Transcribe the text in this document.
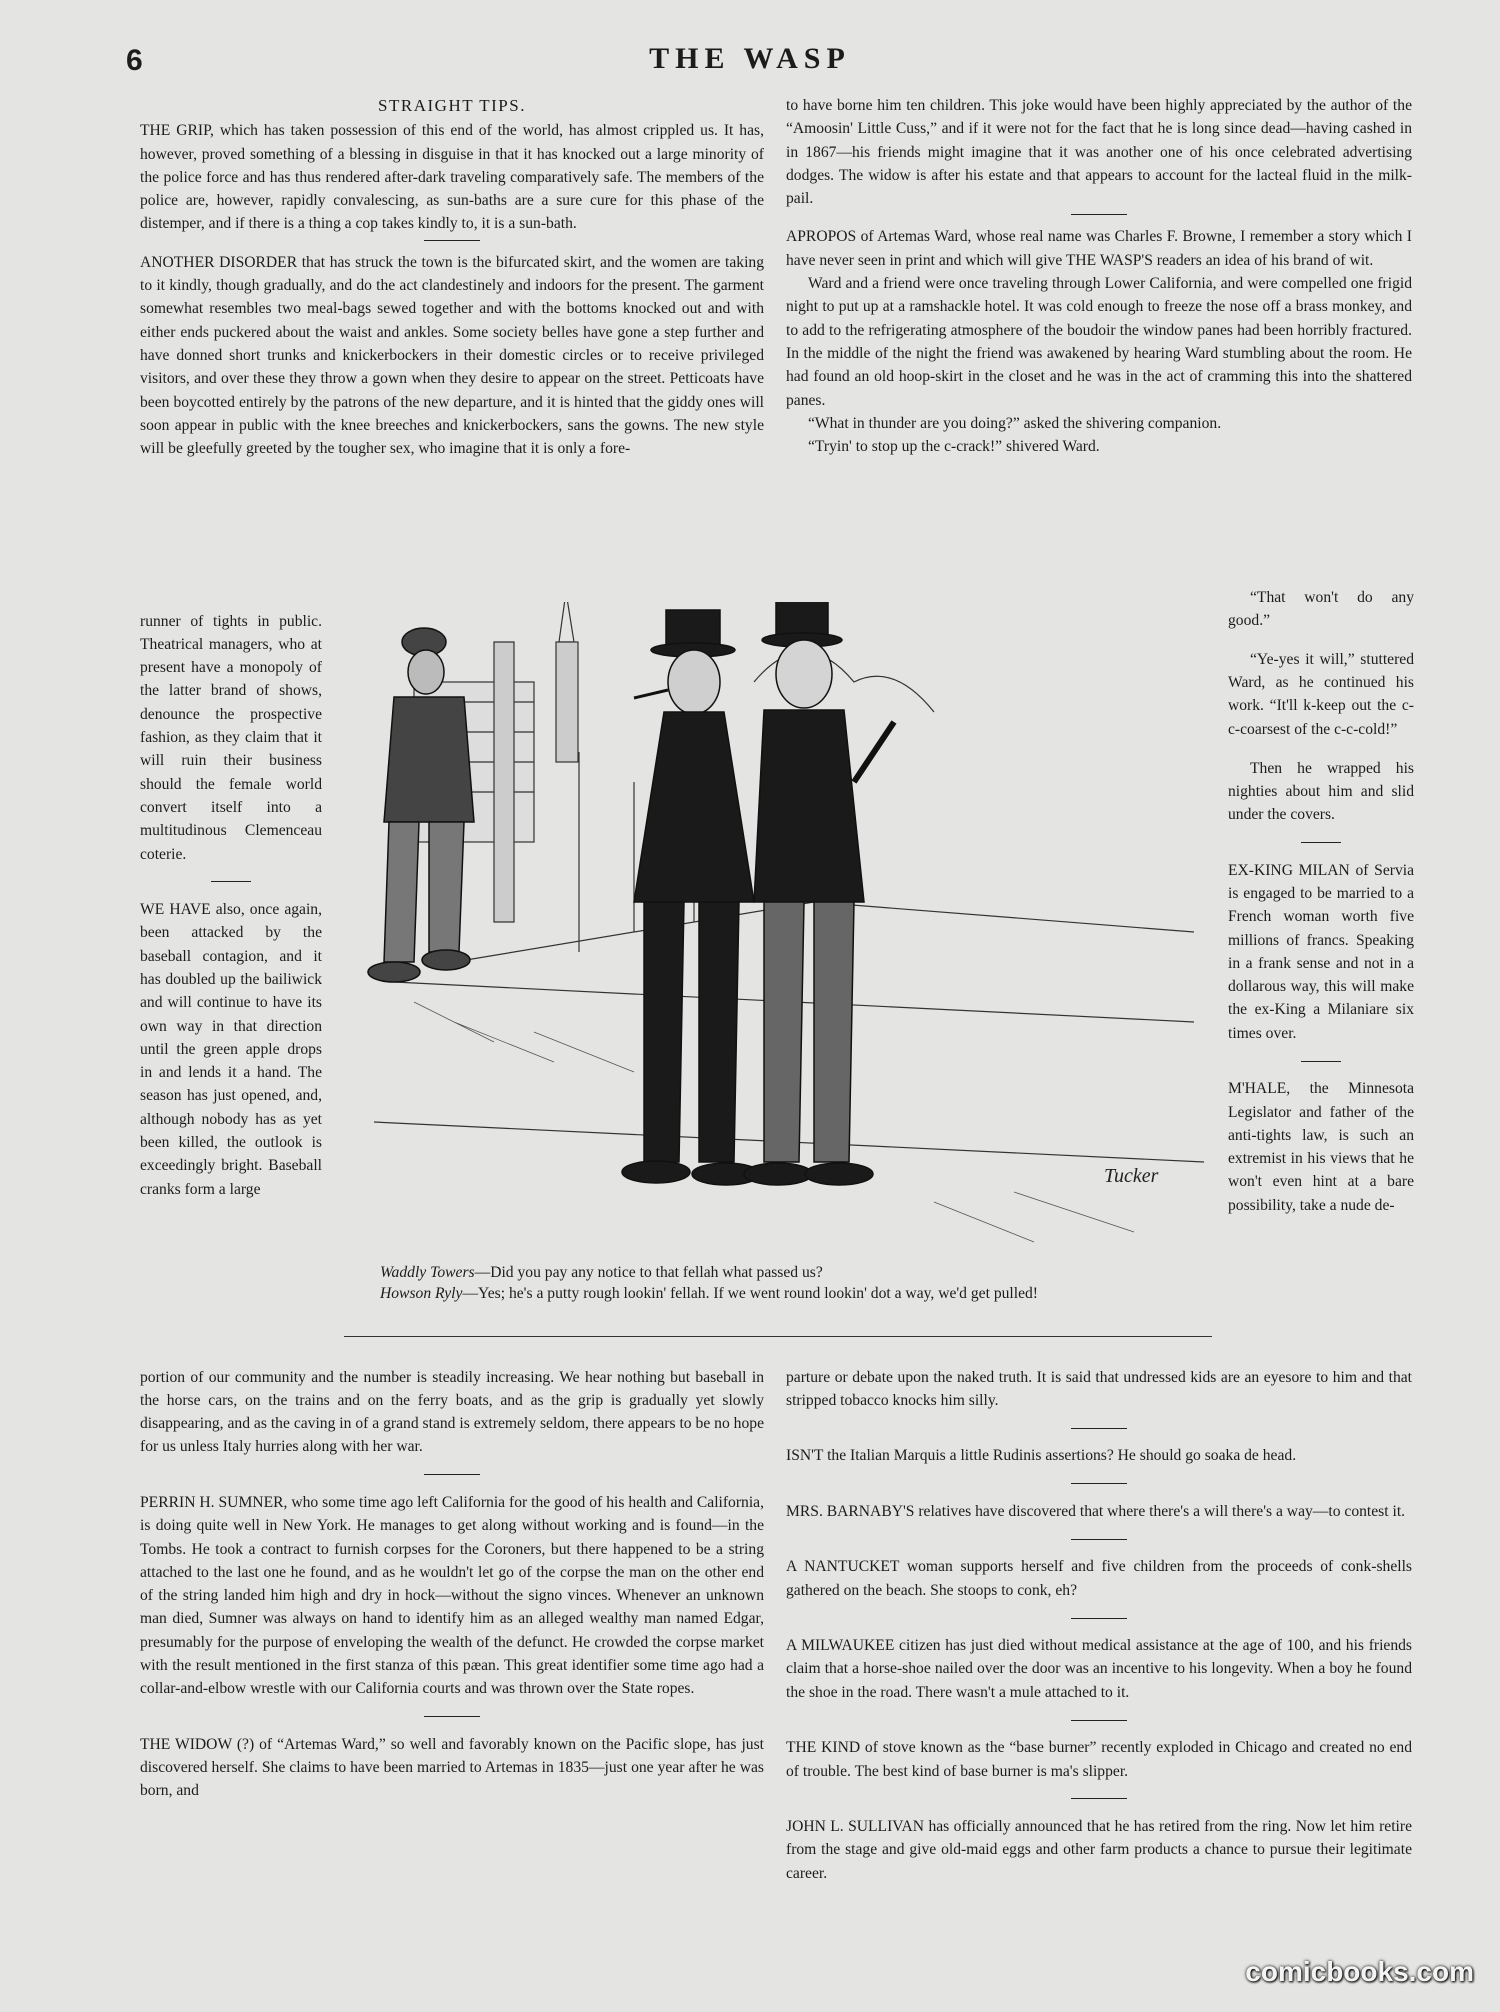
6	THE WASP
STRAIGHT TIPS.

THE GRIP, which has taken possession of this end of the world, has almost crippled us. It has, however, proved something of a blessing in disguise in that it has knocked out a large minority of the police force and has thus rendered after-dark traveling comparatively safe. The members of the police are, however, rapidly convalescing, as sun-baths are a sure cure for this phase of the distemper, and if there is a thing a cop takes kindly to, it is a sun-bath.

ANOTHER DISORDER that has struck the town is the bifurcated skirt, and the women are taking to it kindly, though gradually, and do the act clandestinely and indoors for the present. The garment somewhat resembles two meal-bags sewed together and with the bottoms knocked out and with either ends puckered about the waist and ankles. Some society belles have gone a step further and have donned short trunks and knickerbockers in their domestic circles or to receive privileged visitors, and over these they throw a gown when they desire to appear on the street. Petticoats have been boycotted entirely by the patrons of the new departure, and it is hinted that the giddy ones will soon appear in public with the knee breeches and knickerbockers, sans the gowns. The new style will be gleefully greeted by the tougher sex, who imagine that it is only a fore-

runner of tights in public. Theatrical managers, who at present have a monopoly of the latter brand of shows, denounce the prospective fashion, as they claim that it will ruin their business should the female world convert itself into a multitudinous Clemenceau coterie.

WE HAVE also, once again, been attacked by the baseball contagion, and it has doubled up the bailiwick and will continue to have its own way in that direction until the green apple drops in and lends it a hand. The season has just opened, and, although nobody has as yet been killed, the outlook is exceedingly bright. Baseball cranks form a large

to have borne him ten children. This joke would have been highly appreciated by the author of the “Amoosin' Little Cuss,” and if it were not for the fact that he is long since dead—having cashed in in 1867—his friends might imagine that it was another one of his once celebrated advertising dodges. The widow is after his estate and that appears to account for the lacteal fluid in the milk-pail.

APROPOS of Artemas Ward, whose real name was Charles F. Browne, I remember a story which I have never seen in print and which will give THE WASP'S readers an idea of his brand of wit.

Ward and a friend were once traveling through Lower California, and were compelled one frigid night to put up at a ramshackle hotel. It was cold enough to freeze the nose off a brass monkey, and to add to the refrigerating atmosphere of the boudoir the window panes had been horribly fractured. In the middle of the night the friend was awakened by hearing Ward stumbling about the room. He had found an old hoop-skirt in the closet and he was in the act of cramming this into the shattered panes.

“What in thunder are you doing?” asked the shivering companion.

“Tryin' to stop up the c-crack!” shivered Ward.

“That won't do any good.”

“Ye-yes it will,” stuttered Ward, as he continued his work. “It'll k-keep out the c-c-coarsest of the c-c-cold!”

Then he wrapped his nighties about him and slid under the covers.

EX-KING MILAN of Servia is engaged to be married to a French woman worth five millions of francs. Speaking in a frank sense and not in a dollarous way, this will make the ex-King a Milaniare six times over.

M'HALE, the Minnesota Legislator and father of the anti-tights law, is such an extremist in his views that he won't even hint at a bare possibility, take a nude de-

Tucker
Waddly Towers—Did you pay any notice to that fellah what passed us?
Howson Ryly—Yes; he's a putty rough lookin' fellah. If we went round lookin' dot a way, we'd get pulled!

portion of our community and the number is steadily increasing. We hear nothing but baseball in the horse cars, on the trains and on the ferry boats, and as the grip is gradually yet slowly disappearing, and as the caving in of a grand stand is extremely seldom, there appears to be no hope for us unless Italy hurries along with her war.

PERRIN H. SUMNER, who some time ago left California for the good of his health and California, is doing quite well in New York. He manages to get along without working and is found—in the Tombs. He took a contract to furnish corpses for the Coroners, but there happened to be a string attached to the last one he found, and as he wouldn't let go of the corpse the man on the other end of the string landed him high and dry in hock—without the signo vinces. Whenever an unknown man died, Sumner was always on hand to identify him as an alleged wealthy man named Edgar, presumably for the purpose of enveloping the wealth of the defunct. He crowded the corpse market with the result mentioned in the first stanza of this pæan. This great identifier some time ago had a collar-and-elbow wrestle with our California courts and was thrown over the State ropes.

THE WIDOW (?) of “Artemas Ward,” so well and favorably known on the Pacific slope, has just discovered herself. She claims to have been married to Artemas in 1835—just one year after he was born, and

parture or debate upon the naked truth. It is said that undressed kids are an eyesore to him and that stripped tobacco knocks him silly.

ISN'T the Italian Marquis a little Rudinis assertions? He should go soaka de head.

MRS. BARNABY'S relatives have discovered that where there's a will there's a way—to contest it.

A NANTUCKET woman supports herself and five children from the proceeds of conk-shells gathered on the beach. She stoops to conk, eh?

A MILWAUKEE citizen has just died without medical assistance at the age of 100, and his friends claim that a horse-shoe nailed over the door was an incentive to his longevity. When a boy he found the shoe in the road. There wasn't a mule attached to it.

THE KIND of stove known as the “base burner” recently exploded in Chicago and created no end of trouble. The best kind of base burner is ma's slipper.

JOHN L. SULLIVAN has officially announced that he has retired from the ring. Now let him retire from the stage and give old-maid eggs and other farm products a chance to pursue their legitimate career.

comicbooks.com
